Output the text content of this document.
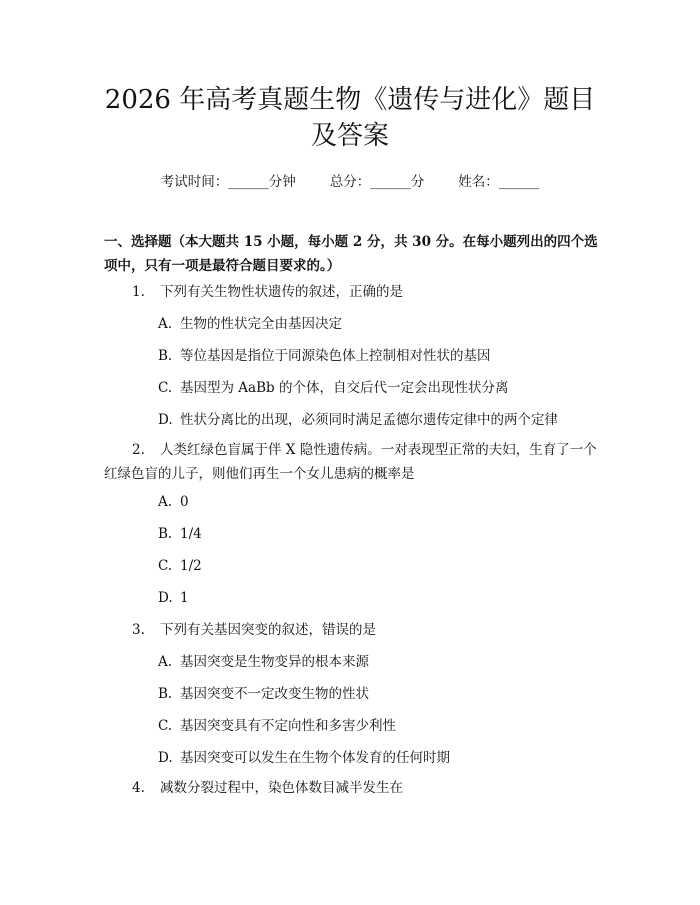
2026 年高考真题生物《遗传与进化》题目及答案
考试时间：______分钟	总分：______分	姓名：______

一、选择题（本大题共 15 小题，每小题 2 分，共 30 分。在每小题列出的四个选项中，只有一项是最符合题目要求的。）

1. 下列有关生物性状遗传的叙述，正确的是
A. 生物的性状完全由基因决定
B. 等位基因是指位于同源染色体上控制相对性状的基因
C. 基因型为 AaBb 的个体，自交后代一定会出现性状分离
D. 性状分离比的出现，必须同时满足孟德尔遗传定律中的两个定律
2. 人类红绿色盲属于伴 X 隐性遗传病。一对表现型正常的夫妇，生育了一个红绿色盲的儿子，则他们再生一个女儿患病的概率是
A. 0
B. 1/4
C. 1/2
D. 1
3. 下列有关基因突变的叙述，错误的是
A. 基因突变是生物变异的根本来源
B. 基因突变不一定改变生物的性状
C. 基因突变具有不定向性和多害少利性
D. 基因突变可以发生在生物个体发育的任何时期
4. 减数分裂过程中，染色体数目减半发生在
